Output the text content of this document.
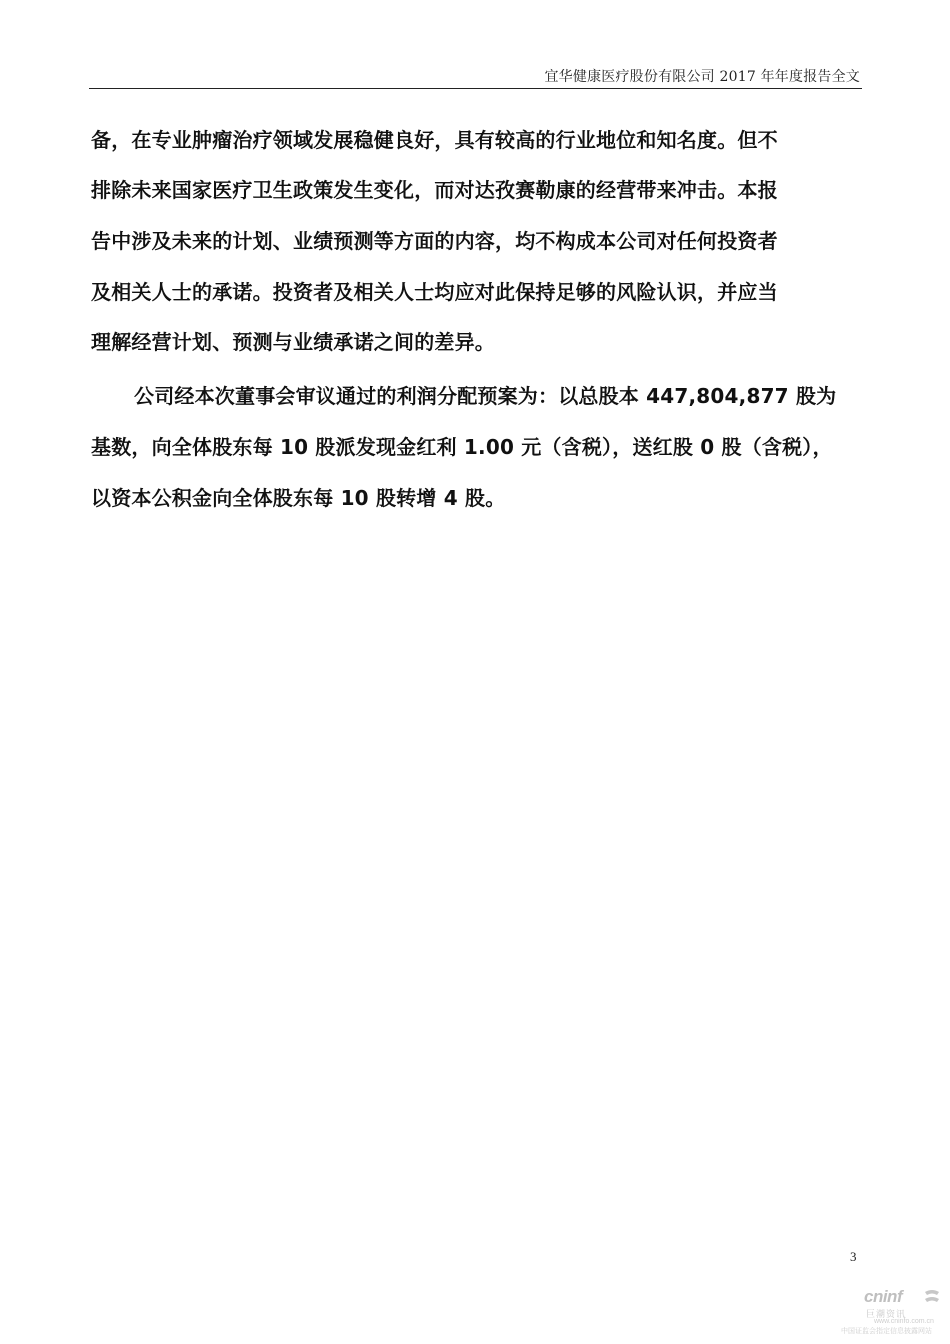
宜华健康医疗股份有限公司 2017 年年度报告全文
备，在专业肿瘤治疗领域发展稳健良好，具有较高的行业地位和知名度。但不
排除未来国家医疗卫生政策发生变化，而对达孜赛勒康的经营带来冲击。本报
告中涉及未来的计划、业绩预测等方面的内容，均不构成本公司对任何投资者
及相关人士的承诺。投资者及相关人士均应对此保持足够的风险认识，并应当
理解经营计划、预测与业绩承诺之间的差异。
公司经本次董事会审议通过的利润分配预案为：以总股本 447,804,877 股为
基数，向全体股东每 10 股派发现金红利 1.00 元（含税），送红股 0 股（含税），
以资本公积金向全体股东每 10 股转增 4 股。
3
cninf
巨潮资讯
www.cninfo.com.cn
中国证监会指定信息披露网站
